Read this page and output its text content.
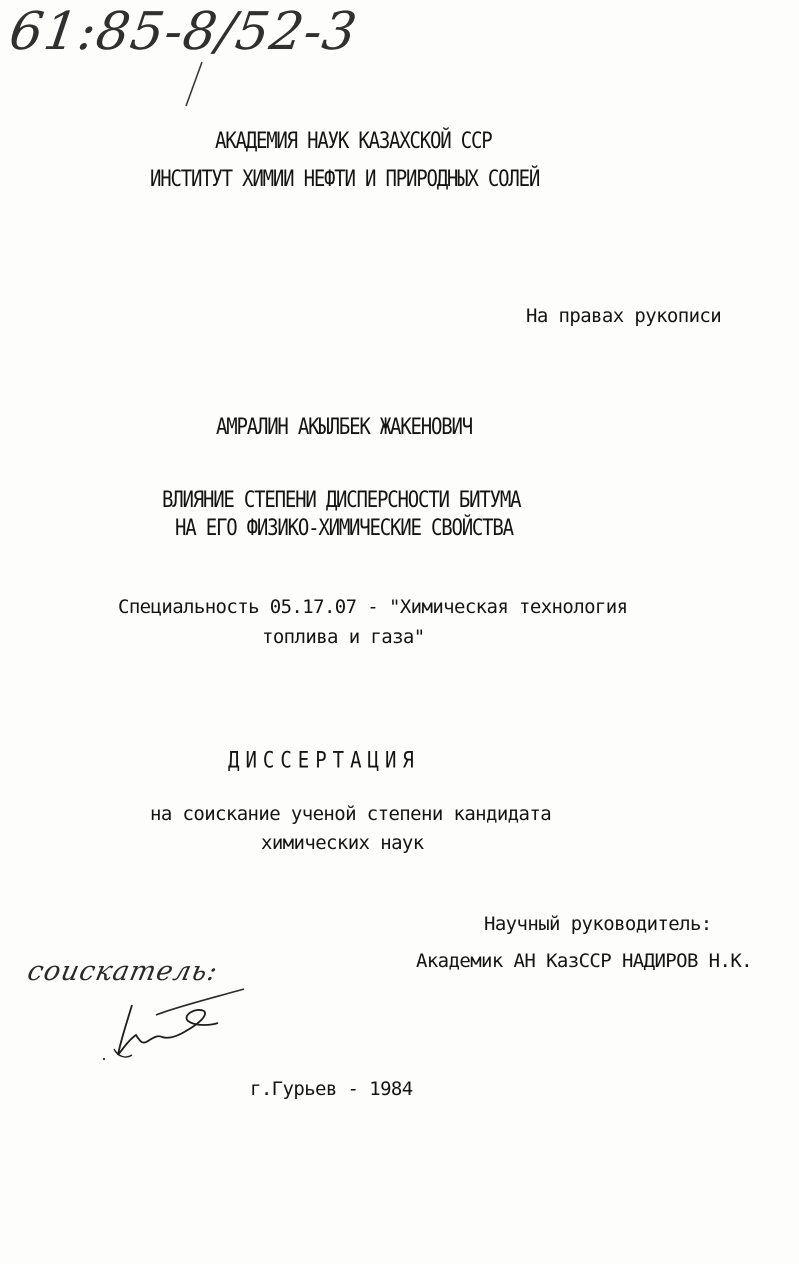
61:85-8/52-3
АКАДЕМИЯ НАУК КАЗАХСКОЙ ССР
ИНСТИТУТ ХИМИИ НЕФТИ И ПРИРОДНЫХ СОЛЕЙ
На правах рукописи
АМРАЛИН АКЫЛБЕК ЖАКЕНОВИЧ
ВЛИЯНИЕ СТЕПЕНИ ДИСПЕРСНОСТИ БИТУМА
НА ЕГО ФИЗИКО-ХИМИЧЕСКИЕ СВОЙСТВА
Специальность 05.17.07 - "Химическая технология
топлива и газа"
ДИССЕРТАЦИЯ
на соискание ученой степени кандидата
химических наук
Научный руководитель:
Академик АН КазССР НАДИРОВ Н.К.
соискатель:
г.Гурьев - 1984
